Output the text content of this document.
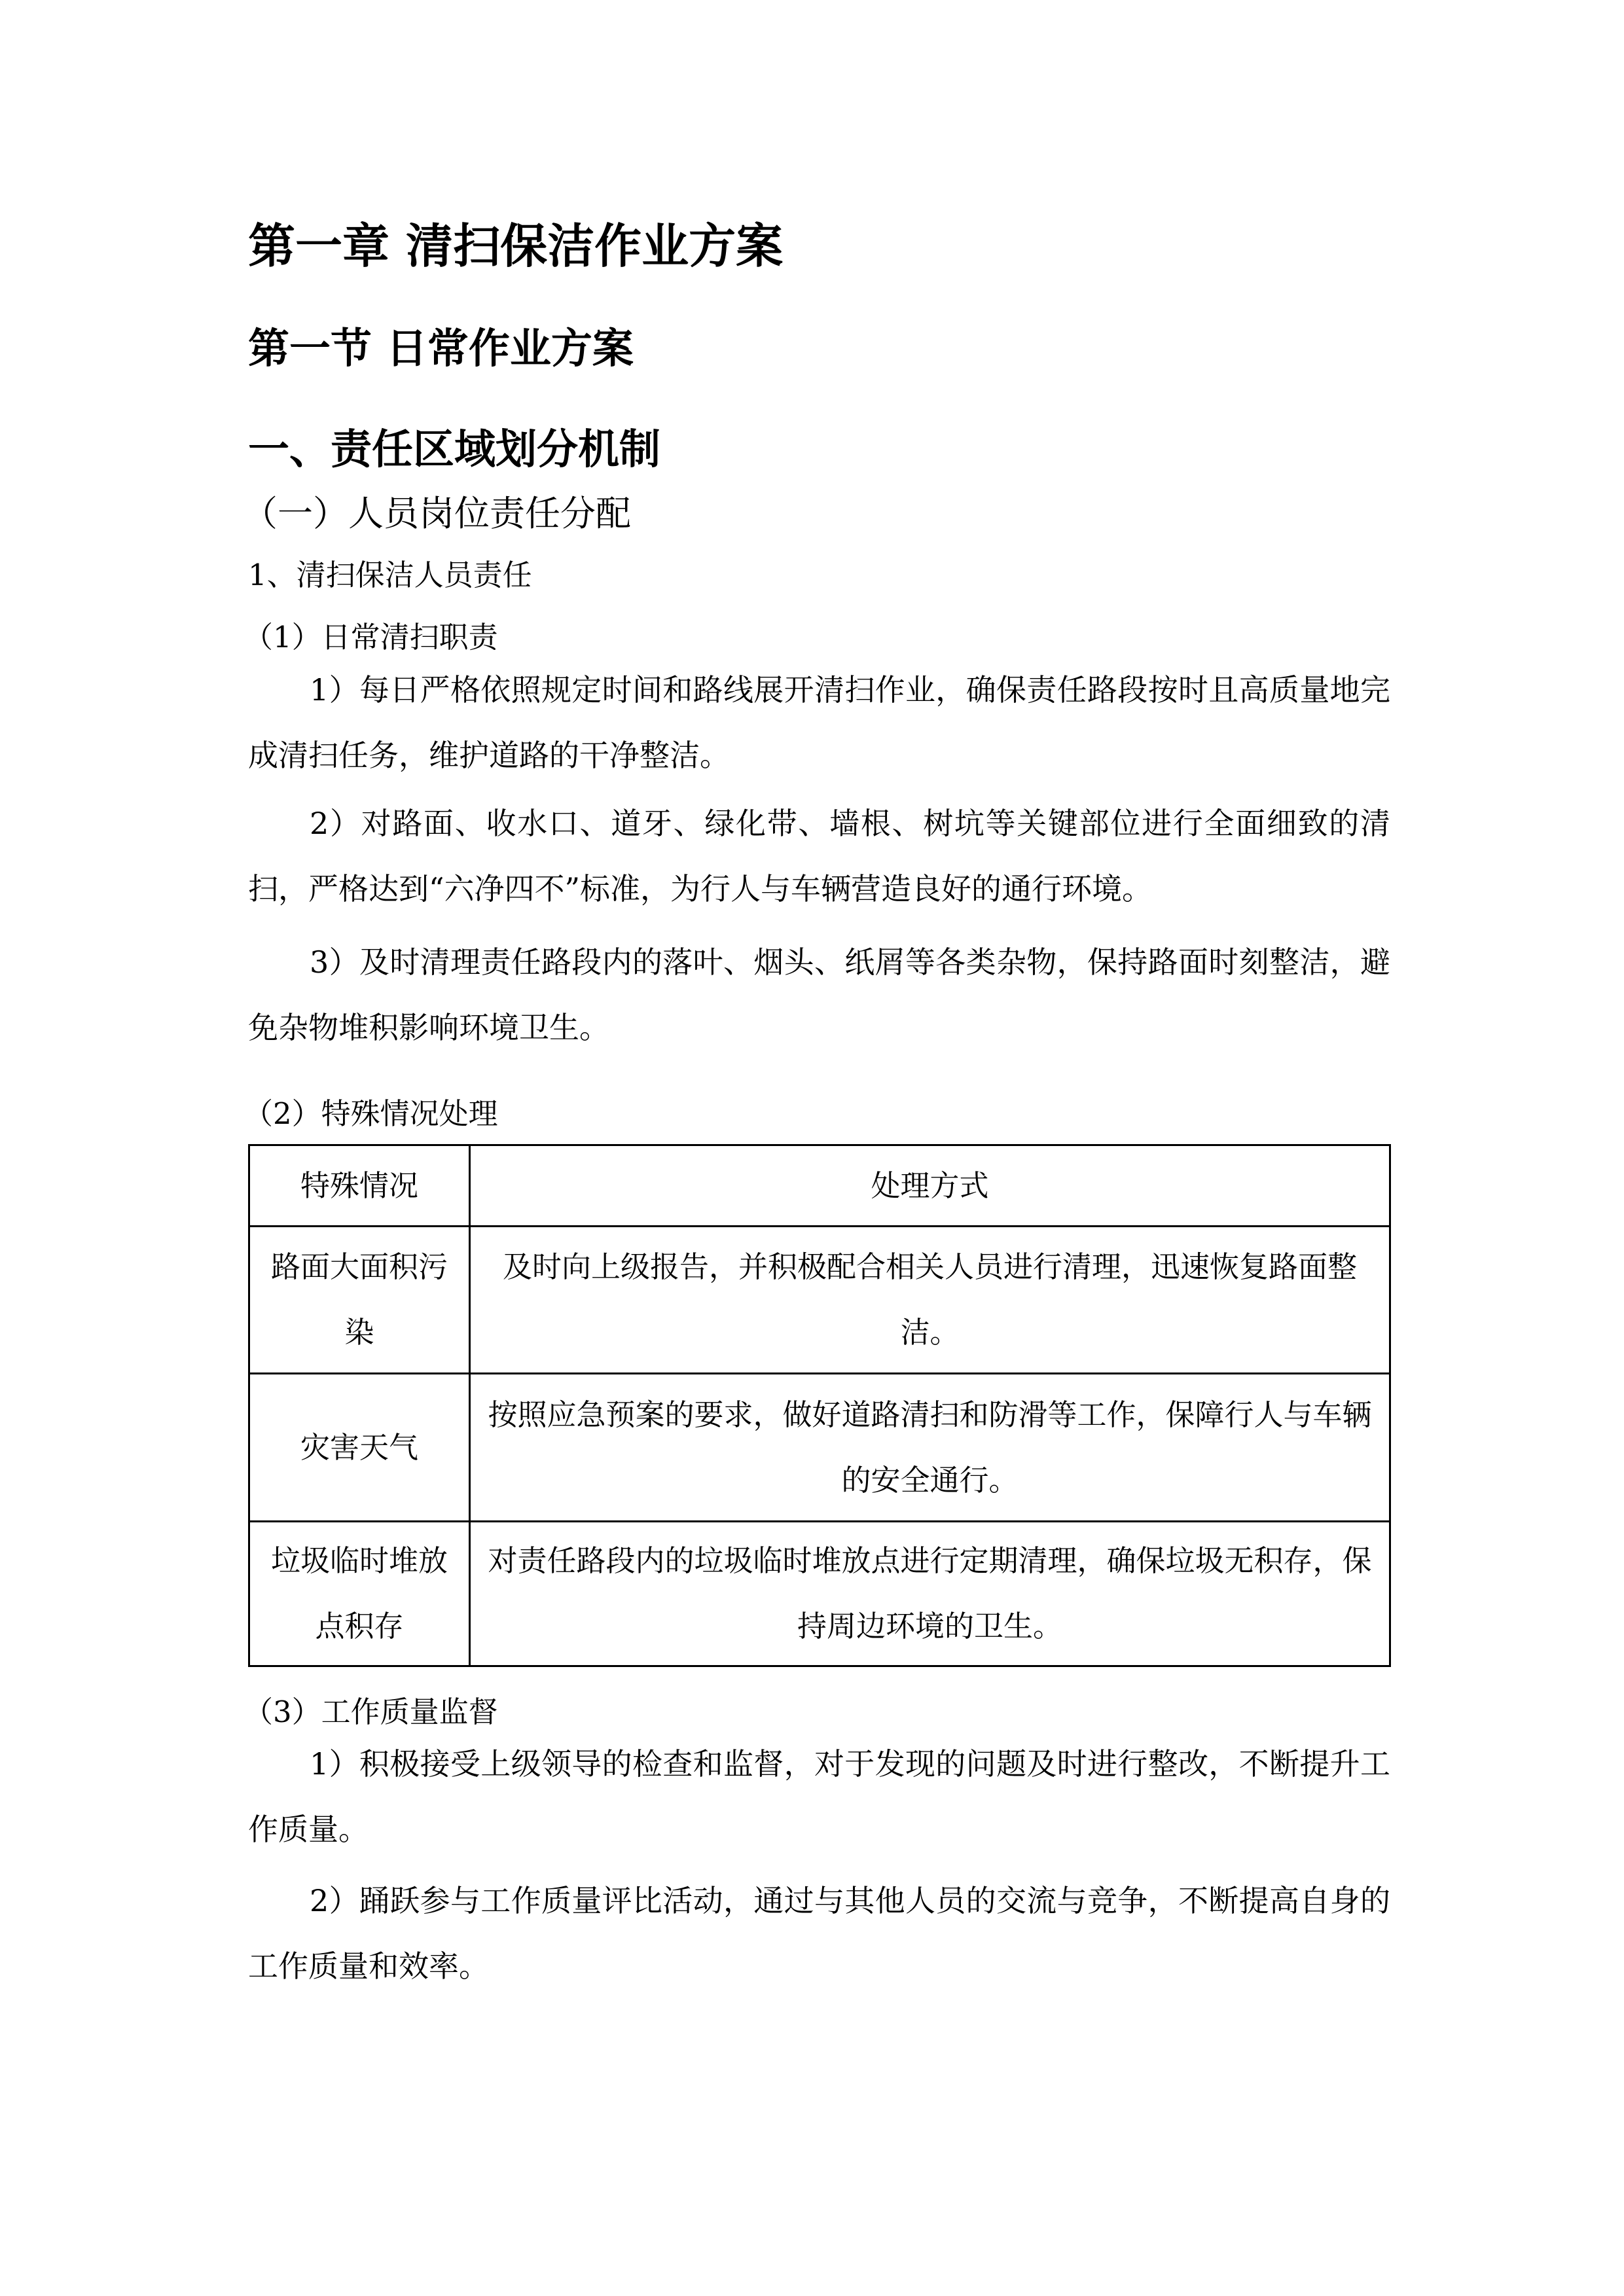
第一章 清扫保洁作业方案
第一节 日常作业方案
一、责任区域划分机制
（一）人员岗位责任分配
1、清扫保洁人员责任
（1）日常清扫职责
1）每日严格依照规定时间和路线展开清扫作业，确保责任路段按时且高质量地完成清扫任务，维护道路的干净整洁。
2）对路面、收水口、道牙、绿化带、墙根、树坑等关键部位进行全面细致的清扫，严格达到“六净四不”标准，为行人与车辆营造良好的通行环境。
3）及时清理责任路段内的落叶、烟头、纸屑等各类杂物，保持路面时刻整洁，避免杂物堆积影响环境卫生。
（2）特殊情况处理
特殊情况	处理方式
路面大面积污染	及时向上级报告，并积极配合相关人员进行清理，迅速恢复路面整洁。
灾害天气	按照应急预案的要求，做好道路清扫和防滑等工作，保障行人与车辆的安全通行。
垃圾临时堆放点积存	对责任路段内的垃圾临时堆放点进行定期清理，确保垃圾无积存，保持周边环境的卫生。
（3）工作质量监督
1）积极接受上级领导的检查和监督，对于发现的问题及时进行整改，不断提升工作质量。
2）踊跃参与工作质量评比活动，通过与其他人员的交流与竞争，不断提高自身的工作质量和效率。
